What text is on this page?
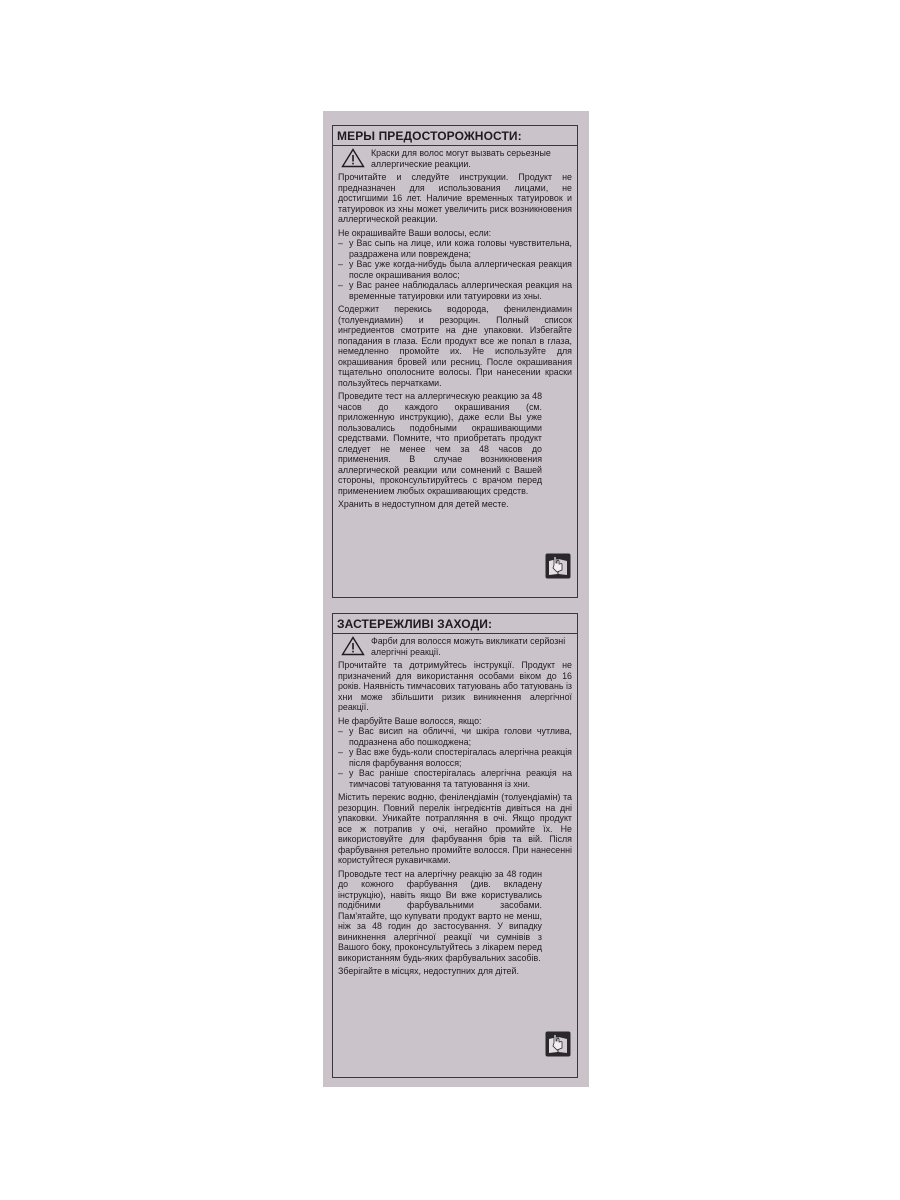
МЕРЫ ПРЕДОСТОРОЖНОСТИ:
Краски для волос могут вызвать серьезные аллергические реакции.

Прочитайте и следуйте инструкции. Продукт не предназначен для использования лицами, не достигшими 16 лет. Наличие временных татуировок и татуировок из хны может увеличить риск возникновения аллергической реакции.

Не окрашивайте Ваши волосы, если:

– у Вас сыпь на лице, или кожа головы чувствительна, раздражена или повреждена;
– у Вас уже когда-нибудь была аллергическая реакция после окрашивания волос;
– у Вас ранее наблюдалась аллергическая реакция на временные татуировки или татуировки из хны.

Содержит перекись водорода, фенилендиамин (толуендиамин) и резорцин. Полный список ингредиентов смотрите на дне упаковки. Избегайте попадания в глаза. Если продукт все же попал в глаза, немедленно промойте их. Не используйте для окрашивания бровей или ресниц. После окрашивания тщательно ополосните волосы. При нанесении краски пользуйтесь перчатками.

Проведите тест на аллергическую реакцию за 48 часов до каждого окрашивания (см. приложенную инструкцию), даже если Вы уже пользовались подобными окрашивающими средствами. Помните, что приобретать продукт следует не менее чем за 48 часов до применения. В случае возникновения аллергической реакции или сомнений с Вашей стороны, проконсультируйтесь с врачом перед применением любых окрашивающих средств.

Хранить в недоступном для детей месте.

ЗАСТЕРЕЖЛИВІ ЗАХОДИ:
Фарби для волосся можуть викликати серйозні алергічні реакції.

Прочитайте та дотримуйтесь інструкції. Продукт не призначений для використання особами віком до 16 років. Наявність тимчасових татуювань або татуювань із хни може збільшити ризик виникнення алергічної реакції.

Не фарбуйте Ваше волосся, якщо:

– у Вас висип на обличчі, чи шкіра голови чутлива, подразнена або пошкоджена;
– у Вас вже будь-коли спостерігалась алергічна реакція після фарбування волосся;
– у Вас раніше спостерігалась алергічна реакція на тимчасові татуювання та татуювання із хни.

Містить перекис водню, фенілендіамін (толуендіамін) та резорцин. Повний перелік інгредієнтів дивіться на дні упаковки. Уникайте потрапляння в очі. Якщо продукт все ж потрапив у очі, негайно промийте їх. Не використовуйте для фарбування брів та вій. Після фарбування ретельно промийте волосся. При нанесенні користуйтеся рукавичками.

Проводьте тест на алергічну реакцію за 48 годин до кожного фарбування (див. вкладену інструкцію), навіть якщо Ви вже користувались подібними фарбувальними засобами. Пам'ятайте, що купувати продукт варто не менш, ніж за 48 годин до застосування. У випадку виникнення алергічної реакції чи сумнівів з Вашого боку, проконсультуйтесь з лікарем перед використанням будь-яких фарбувальних засобів.

Зберігайте в місцях, недоступних для дітей.
